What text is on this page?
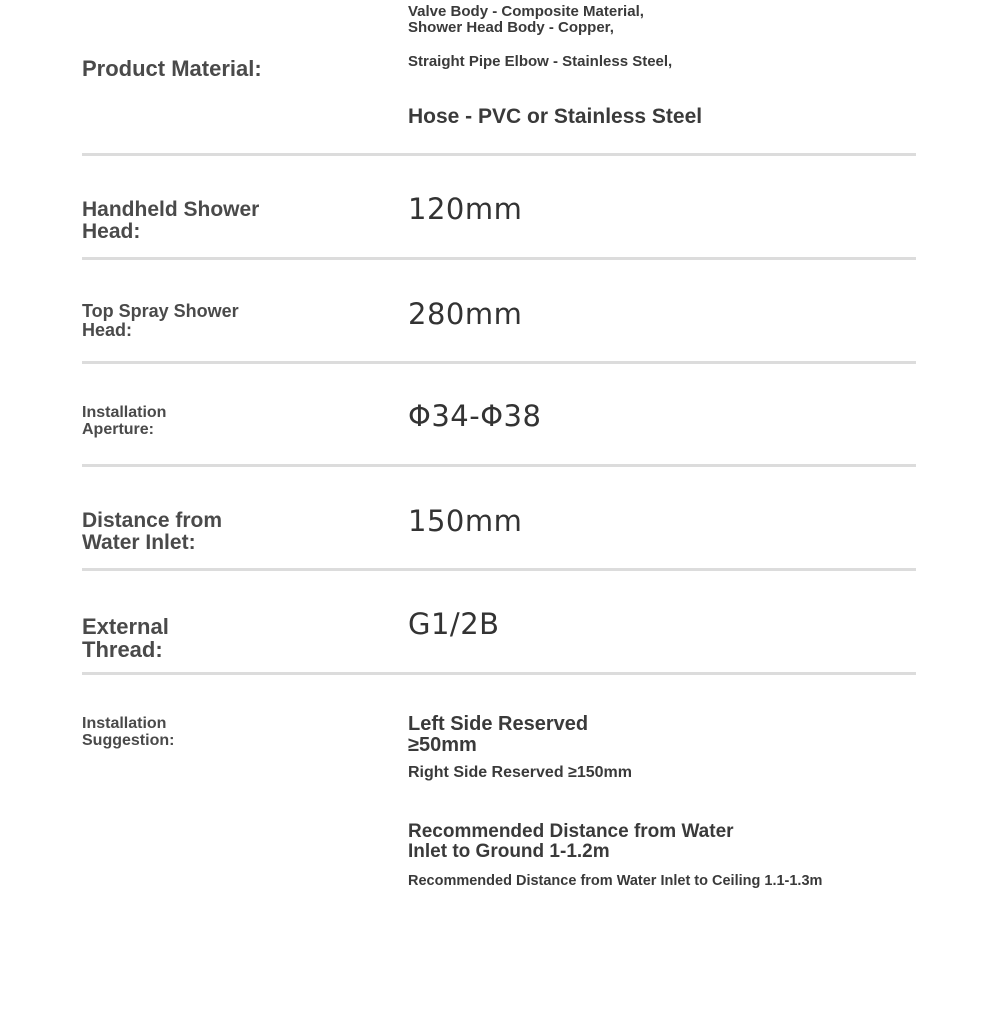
Product Material:
Valve Body - Composite Material,
Shower Head Body - Copper,
Straight Pipe Elbow - Stainless Steel,
Hose - PVC or Stainless Steel
Handheld Shower
Head:
120mm
Top Spray Shower
Head:	280mm
Installation
Aperture:	Φ34-Φ38
Distance from
Water Inlet:
150mm
External
Thread:
G1/2B
Installation
Suggestion:
Left Side Reserved
≥50mm
Right Side Reserved ≥150mm
Recommended Distance from Water
Inlet to Ground 1-1.2m
Recommended Distance from Water Inlet to Ceiling 1.1-1.3m
